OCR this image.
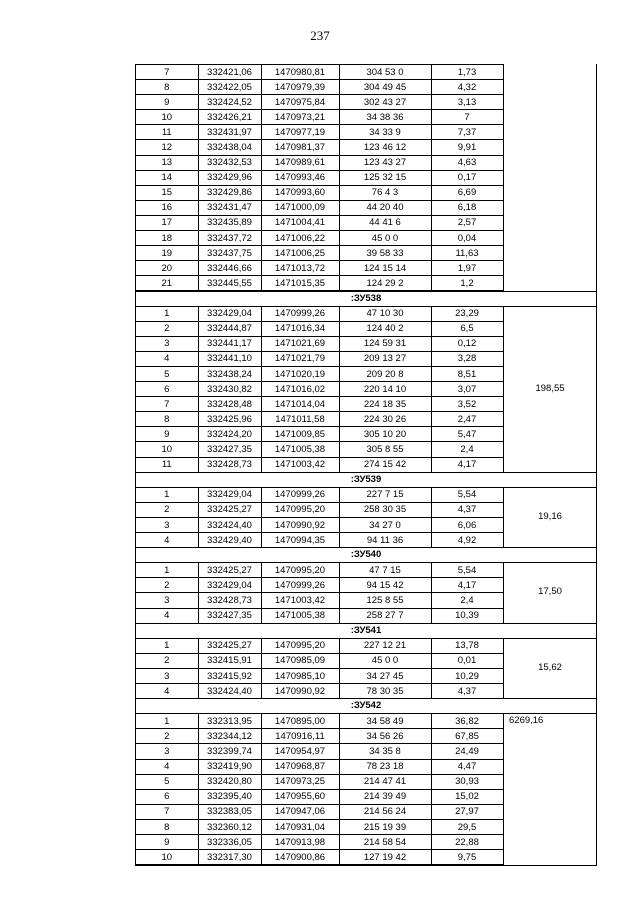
237
7	332421,06	1470980,81	304 53 0	1,73
8	332422,05	1470979,39	304 49 45	4,32
9	332424,52	1470975,84	302 43 27	3,13
10	332426,21	1470973,21	34 38 36	7
11	332431,97	1470977,19	34 33 9	7,37
12	332438,04	1470981,37	123 46 12	9,91
13	332432,53	1470989,61	123 43 27	4,63
14	332429,96	1470993,46	125 32 15	0,17
15	332429,86	1470993,60	76 4 3	6,69
16	332431,47	1471000,09	44 20 40	6,18
17	332435,89	1471004,41	44 41 6	2,57
18	332437,72	1471006,22	45 0 0	0,04
19	332437,75	1471006,25	39 58 33	11,63
20	332446,66	1471013,72	124 15 14	1,97
21	332445,55	1471015,35	124 29 2	1,2
:ЗУ538
1	332429,04	1470999,26	47 10 30	23,29
2	332444,87	1471016,34	124 40 2	6,5
3	332441,17	1471021,69	124 59 31	0,12
4	332441,10	1471021,79	209 13 27	3,28
5	332438,24	1471020,19	209 20 8	8,51
6	332430,82	1471016,02	220 14 10	3,07
7	332428,48	1471014,04	224 18 35	3,52
8	332425,96	1471011,58	224 30 26	2,47
9	332424,20	1471009,85	305 10 20	5,47
10	332427,35	1471005,38	305 8 55	2,4
11	332428,73	1471003,42	274 15 42	4,17
198,55
:ЗУ539
1	332429,04	1470999,26	227 7 15	5,54
2	332425,27	1470995,20	258 30 35	4,37
3	332424,40	1470990,92	34 27 0	6,06
4	332429,40	1470994,35	94 11 36	4,92
19,16
:ЗУ540
1	332425,27	1470995,20	47 7 15	5,54
2	332429,04	1470999,26	94 15 42	4,17
3	332428,73	1471003,42	125 8 55	2,4
4	332427,35	1471005,38	258 27 7	10,39
17,50
:ЗУ541
1	332425,27	1470995,20	227 12 21	13,78
2	332415,91	1470985,09	45 0 0	0,01
3	332415,92	1470985,10	34 27 45	10,29
4	332424,40	1470990,92	78 30 35	4,37
15,62
:ЗУ542
1	332313,95	1470895,00	34 58 49	36,82
2	332344,12	1470916,11	34 56 26	67,85
3	332399,74	1470954,97	34 35 8	24,49
4	332419,90	1470968,87	78 23 18	4,47
5	332420,80	1470973,25	214 47 41	30,93
6	332395,40	1470955,60	214 39 49	15,02
7	332383,05	1470947,06	214 56 24	27,97
8	332360,12	1470931,04	215 19 39	29,5
9	332336,05	1470913,98	214 58 54	22,88
10	332317,30	1470900,86	127 19 42	9,75
6269,16
